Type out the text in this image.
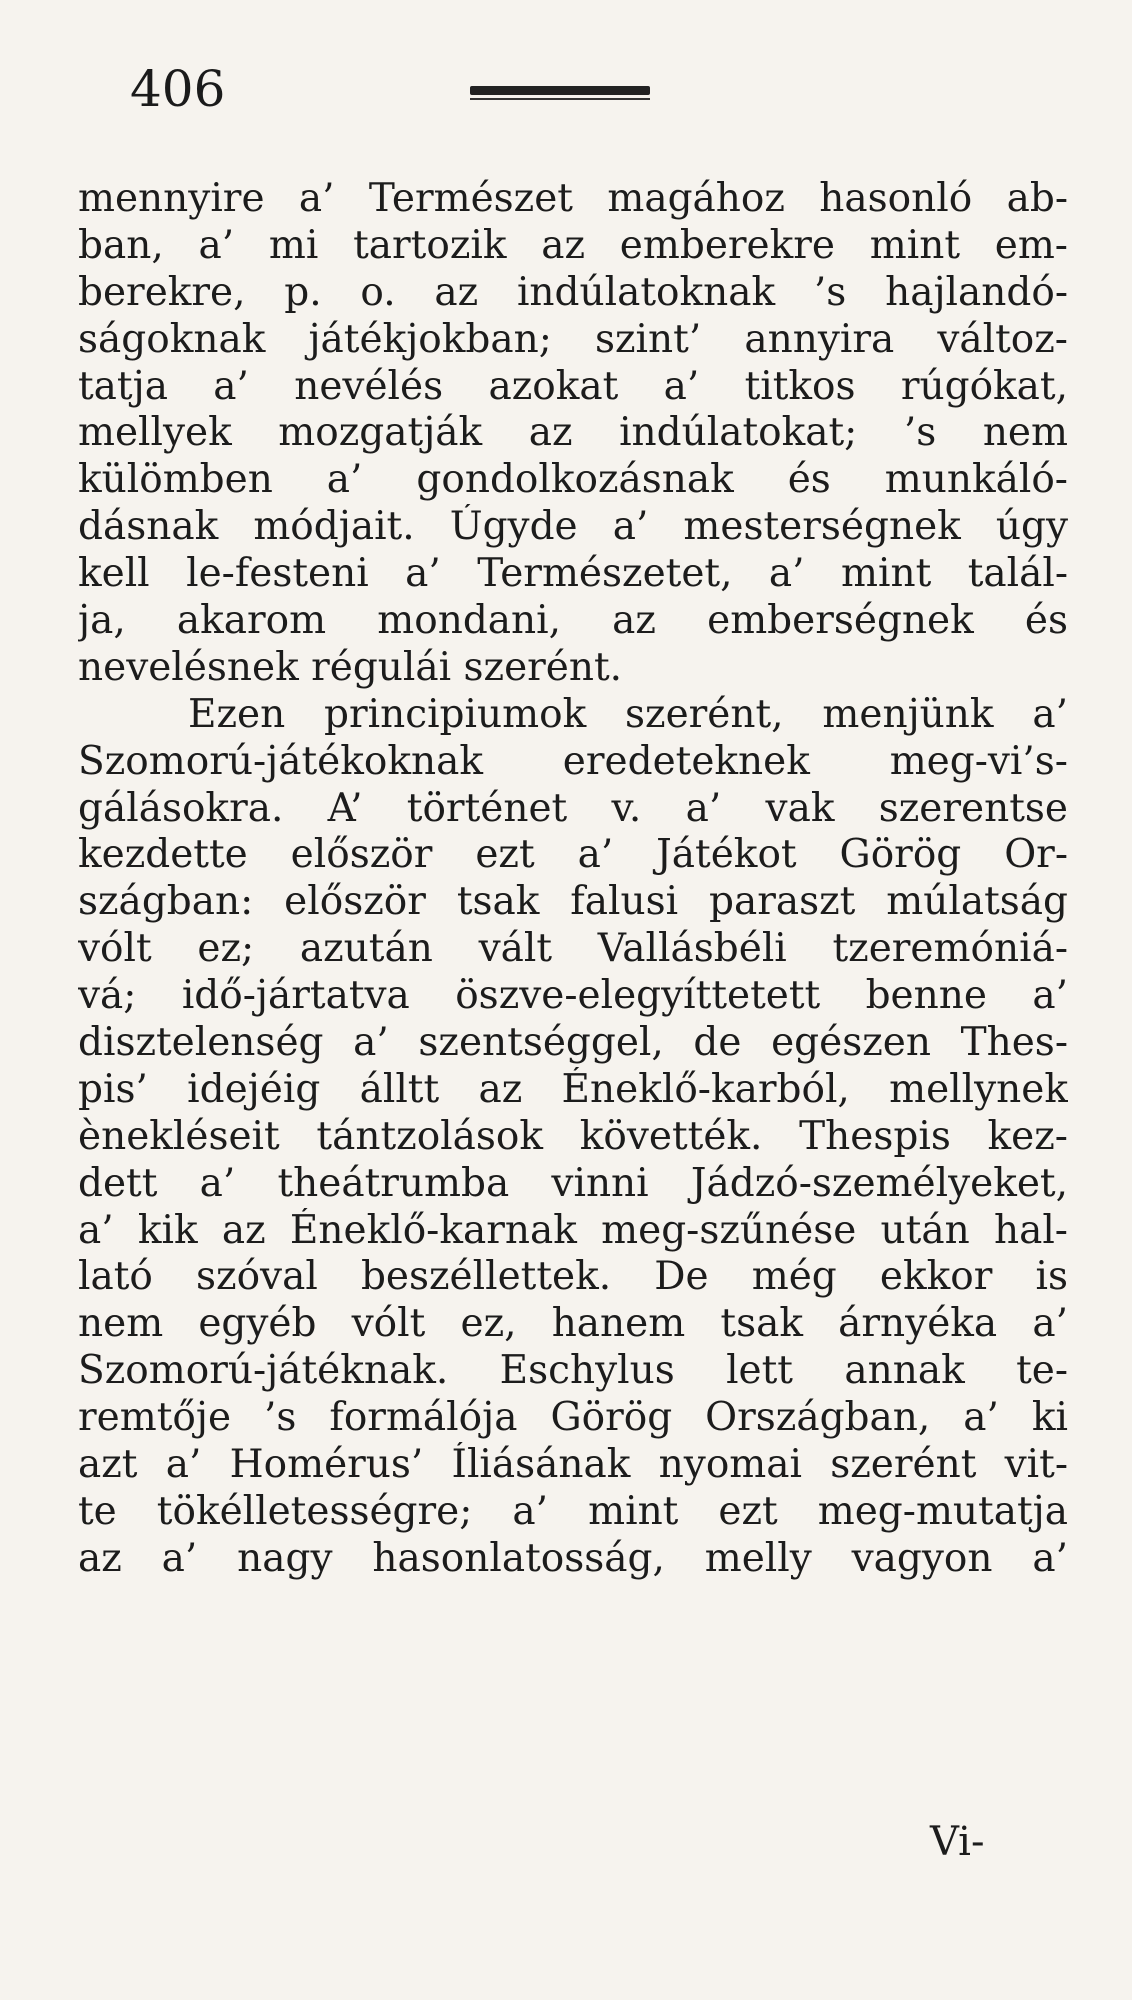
406
mennyire a’ Természet magához hasonló ab-
ban, a’ mi tartozik az emberekre mint em-
berekre, p. o. az indúlatoknak ’s hajlandó-
ságoknak játékjokban; szint’ annyira változ-
tatja a’ nevélés azokat a’ titkos rúgókat,
mellyek mozgatják az indúlatokat; ’s nem
külömben a’ gondolkozásnak és munkáló-
dásnak módjait. Úgyde a’ mesterségnek úgy
kell le-festeni a’ Természetet, a’ mint talál-
ja, akarom mondani, az emberségnek és
nevelésnek régulái szerént.
Ezen principiumok szerént, menjünk a’
Szomorú-játékoknak eredeteknek meg-vi’s-
gálásokra. A’ történet v. a’ vak szerentse
kezdette először ezt a’ Játékot Görög Or-
szágban: először tsak falusi paraszt múlatság
vólt ez; azután vált Vallásbéli tzeremóniá-
vá; idő-jártatva öszve-elegyíttetett benne a’
disztelenség a’ szentséggel, de egészen Thes-
pis’ idejéig álltt az Éneklő-karból, mellynek
ènekléseit tántzolások követték. Thespis kez-
dett a’ theátrumba vinni Jádzó-személyeket,
a’ kik az Éneklő-karnak meg-szűnése után hal-
lató szóval beszéllettek. De még ekkor is
nem egyéb vólt ez, hanem tsak árnyéka a’
Szomorú-játéknak. Eschylus lett annak te-
remtője ’s formálója Görög Országban, a’ ki
azt a’ Homérus’ Íliásának nyomai szerént vit-
te tökélletességre; a’ mint ezt meg-mutatja
az a’ nagy hasonlatosság, melly vagyon a’
Vi-
